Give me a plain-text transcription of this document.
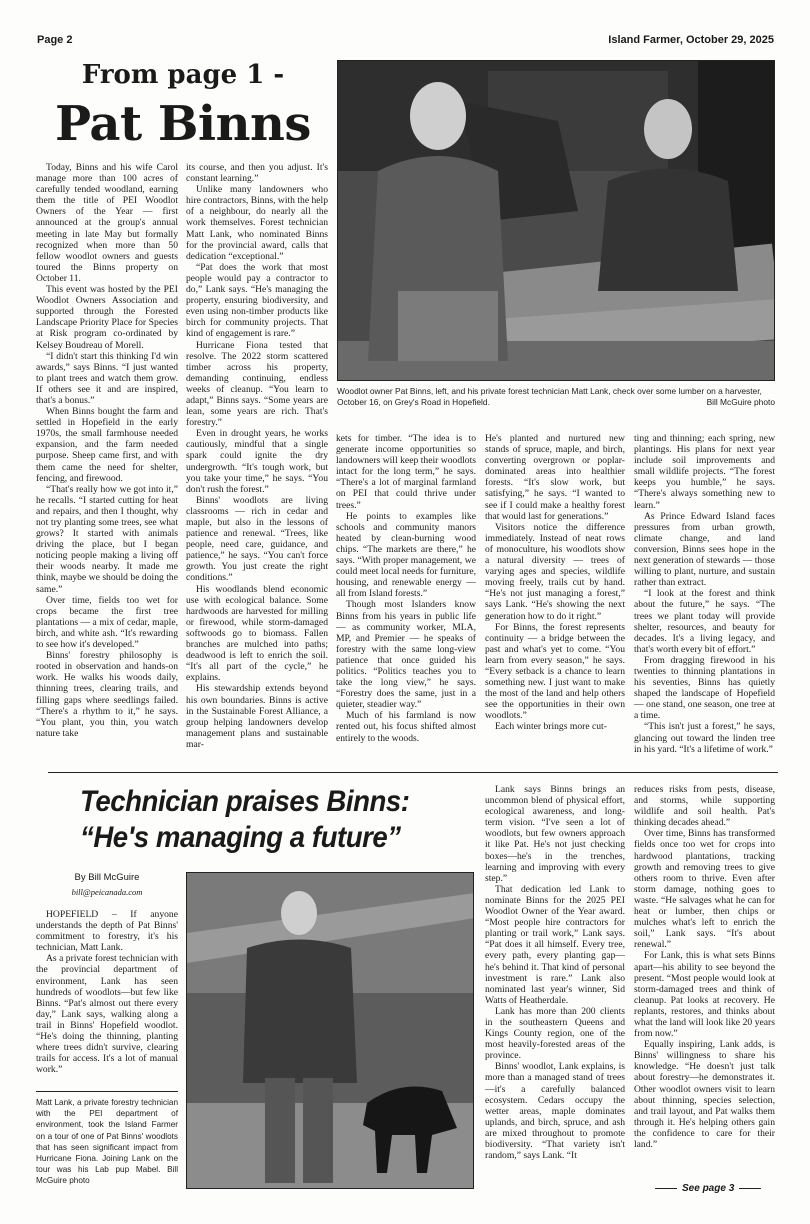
Page 2	Island Farmer, October 29, 2025
From page 1 -
Pat Binns
Woodlot owner Pat Binns, left, and his private forest technician Matt Lank, check over some lumber on a harvester, October 16, on Grey's Road in Hopefield.	Bill McGuire photo

Today, Binns and his wife Carol manage more than 100 acres of carefully tended woodland, earning them the title of PEI Woodlot Owners of the Year — first announced at the group's annual meeting in late May but formally recognized when more than 50 fellow woodlot owners and guests toured the Binns property on October 11.

This event was hosted by the PEI Woodlot Owners Association and supported through the Forested Landscape Priority Place for Species at Risk program co-ordinated by Kelsey Boudreau of Morell.

“I didn't start this thinking I'd win awards,” says Binns. “I just wanted to plant trees and watch them grow. If others see it and are inspired, that's a bonus.”

When Binns bought the farm and settled in Hopefield in the early 1970s, the small farmhouse needed expansion, and the farm needed purpose. Sheep came first, and with them came the need for shelter, fencing, and firewood.

“That's really how we got into it,” he recalls. “I started cutting for heat and repairs, and then I thought, why not try planting some trees, see what grows? It started with animals driving the place, but I began noticing people making a living off their woods nearby. It made me think, maybe we should be doing the same.”

Over time, fields too wet for crops became the first tree plantations — a mix of cedar, maple, birch, and white ash. “It's rewarding to see how it's developed.”

Binns' forestry philosophy is rooted in observation and hands-on work. He walks his woods daily, thinning trees, clearing trails, and filling gaps where seedlings failed. “There's a rhythm to it,” he says. “You plant, you thin, you watch nature take

its course, and then you adjust. It's constant learning.”

Unlike many landowners who hire contractors, Binns, with the help of a neighbour, do nearly all the work themselves. Forest technician Matt Lank, who nominated Binns for the provincial award, calls that dedication “exceptional.”

“Pat does the work that most people would pay a contractor to do,” Lank says. “He's managing the property, ensuring biodiversity, and even using non-timber products like birch for community projects. That kind of engagement is rare.”

Hurricane Fiona tested that resolve. The 2022 storm scattered timber across his property, demanding continuing, endless weeks of cleanup. “You learn to adapt,” Binns says. “Some years are lean, some years are rich. That's forestry.”

Even in drought years, he works cautiously, mindful that a single spark could ignite the dry undergrowth. “It's tough work, but you take your time,” he says. “You don't rush the forest.”

Binns' woodlots are living classrooms — rich in cedar and maple, but also in the lessons of patience and renewal. “Trees, like people, need care, guidance, and patience,” he says. “You can't force growth. You just create the right conditions.”

His woodlands blend economic use with ecological balance. Some hardwoods are harvested for milling or firewood, while storm-damaged softwoods go to biomass. Fallen branches are mulched into paths; deadwood is left to enrich the soil. “It's all part of the cycle,” he explains.

His stewardship extends beyond his own boundaries. Binns is active in the Sustainable Forest Alliance, a group helping landowners develop management plans and sustainable mar-

kets for timber. “The idea is to generate income opportunities so landowners will keep their woodlots intact for the long term,” he says. “There's a lot of marginal farmland on PEI that could thrive under trees.”

He points to examples like schools and community manors heated by clean-burning wood chips. “The markets are there,” he says. “With proper management, we could meet local needs for furniture, housing, and renewable energy — all from Island forests.”

Though most Islanders know Binns from his years in public life — as community worker, MLA, MP, and Premier — he speaks of forestry with the same long-view patience that once guided his politics. “Politics teaches you to take the long view,” he says. “Forestry does the same, just in a quieter, steadier way.”

Much of his farmland is now rented out, his focus shifted almost entirely to the woods.

He's planted and nurtured new stands of spruce, maple, and birch, converting overgrown or poplar-dominated areas into healthier forests. “It's slow work, but satisfying,” he says. “I wanted to see if I could make a healthy forest that would last for generations.”

Visitors notice the difference immediately. Instead of neat rows of monoculture, his woodlots show a natural diversity — trees of varying ages and species, wildlife moving freely, trails cut by hand. “He's not just managing a forest,” says Lank. “He's showing the next generation how to do it right.”

For Binns, the forest represents continuity — a bridge between the past and what's yet to come. “You learn from every season,” he says. “Every setback is a chance to learn something new. I just want to make the most of the land and help others see the opportunities in their own woodlots.”

Each winter brings more cut-

ting and thinning; each spring, new plantings. His plans for next year include soil improvements and small wildlife projects. “The forest keeps you humble,” he says. “There's always something new to learn.”

As Prince Edward Island faces pressures from urban growth, climate change, and land conversion, Binns sees hope in the next generation of stewards — those willing to plant, nurture, and sustain rather than extract.

“I look at the forest and think about the future,” he says. “The trees we plant today will provide shelter, resources, and beauty for decades. It's a living legacy, and that's worth every bit of effort.”

From dragging firewood in his twenties to thinning plantations in his seventies, Binns has quietly shaped the landscape of Hopefield — one stand, one season, one tree at a time.

“This isn't just a forest,” he says, glancing out toward the linden tree in his yard. “It's a lifetime of work.”

Technician praises Binns:
“He's managing a future”
By Bill McGuire
bill@peicanada.com

HOPEFIELD – If anyone understands the depth of Pat Binns' commitment to forestry, it's his technician, Matt Lank.

As a private forest technician with the provincial department of environment, Lank has seen hundreds of woodlots—but few like Binns. “Pat's almost out there every day,” Lank says, walking along a trail in Binns' Hopefield woodlot. “He's doing the thinning, planting where trees didn't survive, clearing trails for access. It's a lot of manual work.”

Matt Lank, a private forestry technician with the PEI department of environment, took the Island Farmer on a tour of one of Pat Binns' woodlots that has seen significant impact from Hurricane Fiona. Joining Lank on the tour was his Lab pup Mabel. Bill McGuire photo

Lank says Binns brings an uncommon blend of physical effort, ecological awareness, and long-term vision. “I've seen a lot of woodlots, but few owners approach it like Pat. He's not just checking boxes—he's in the trenches, learning and improving with every step.”

That dedication led Lank to nominate Binns for the 2025 PEI Woodlot Owner of the Year award. “Most people hire contractors for planting or trail work,” Lank says. “Pat does it all himself. Every tree, every path, every planting gap—he's behind it. That kind of personal investment is rare.” Lank also nominated last year's winner, Sid Watts of Heatherdale.

Lank has more than 200 clients in the southeastern Queens and Kings County region, one of the most heavily-forested areas of the province.

Binns' woodlot, Lank explains, is more than a managed stand of trees—it's a carefully balanced ecosystem. Cedars occupy the wetter areas, maple dominates uplands, and birch, spruce, and ash are mixed throughout to promote biodiversity. “That variety isn't random,” says Lank. “It

reduces risks from pests, disease, and storms, while supporting wildlife and soil health. Pat's thinking decades ahead.”

Over time, Binns has transformed fields once too wet for crops into hardwood plantations, tracking growth and removing trees to give others room to thrive. Even after storm damage, nothing goes to waste. “He salvages what he can for heat or lumber, then chips or mulches what's left to enrich the soil,” Lank says. “It's about renewal.”

For Lank, this is what sets Binns apart—his ability to see beyond the present. “Most people would look at storm-damaged trees and think of cleanup. Pat looks at recovery. He replants, restores, and thinks about what the land will look like 20 years from now.”

Equally inspiring, Lank adds, is Binns' willingness to share his knowledge. “He doesn't just talk about forestry—he demonstrates it. Other woodlot owners visit to learn about thinning, species selection, and trail layout, and Pat walks them through it. He's helping others gain the confidence to care for their land.”

See page 3
